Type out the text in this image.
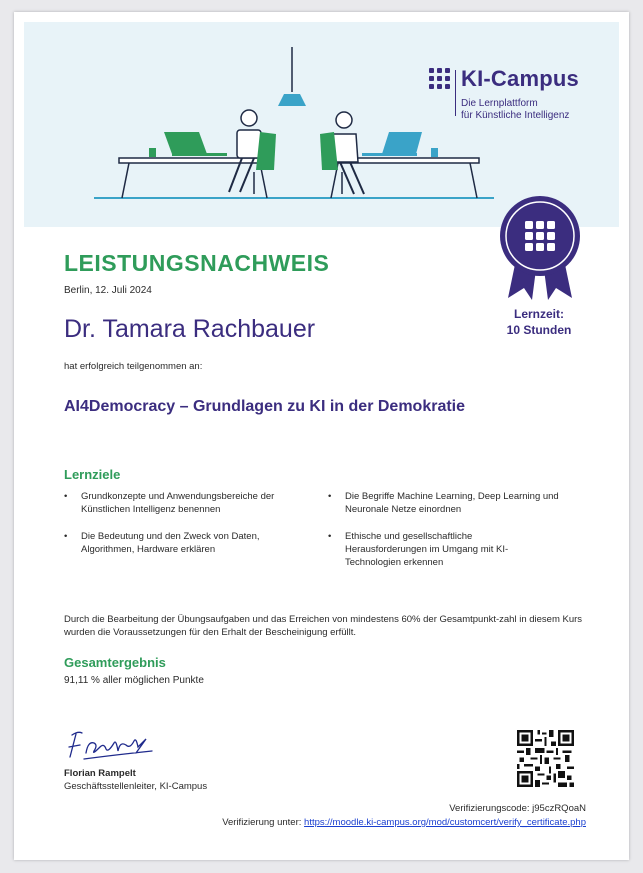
KI-Campus
Die Lernplattform
für Künstliche Intelligenz
LEISTUNGSNACHWEIS
Berlin, 12. Juli 2024
Dr. Tamara Rachbauer
Lernzeit:
10 Stunden
hat erfolgreich teilgenommen an:
AI4Democracy – Grundlagen zu KI in der Demokratie
Lernziele
• Grundkonzepte und Anwendungsbereiche der Künstlichen Intelligenz benennen
• Die Bedeutung und den Zweck von Daten, Algorithmen, Hardware erklären
• Die Begriffe Machine Learning, Deep Learning und Neuronale Netze einordnen
• Ethische und gesellschaftliche Herausforderungen im Umgang mit KI-Technologien erkennen
Durch die Bearbeitung der Übungsaufgaben und das Erreichen von mindestens 60% der Gesamtpunkt-zahl in diesem Kurs wurden die Voraussetzungen für den Erhalt der Bescheinigung erfüllt.
Gesamtergebnis
91,11 % aller möglichen Punkte
Florian Rampelt
Geschäftsstellenleiter, KI-Campus
Verifizierungscode: j95czRQoaN
Verifizierung unter: https://moodle.ki-campus.org/mod/customcert/verify_certificate.php
